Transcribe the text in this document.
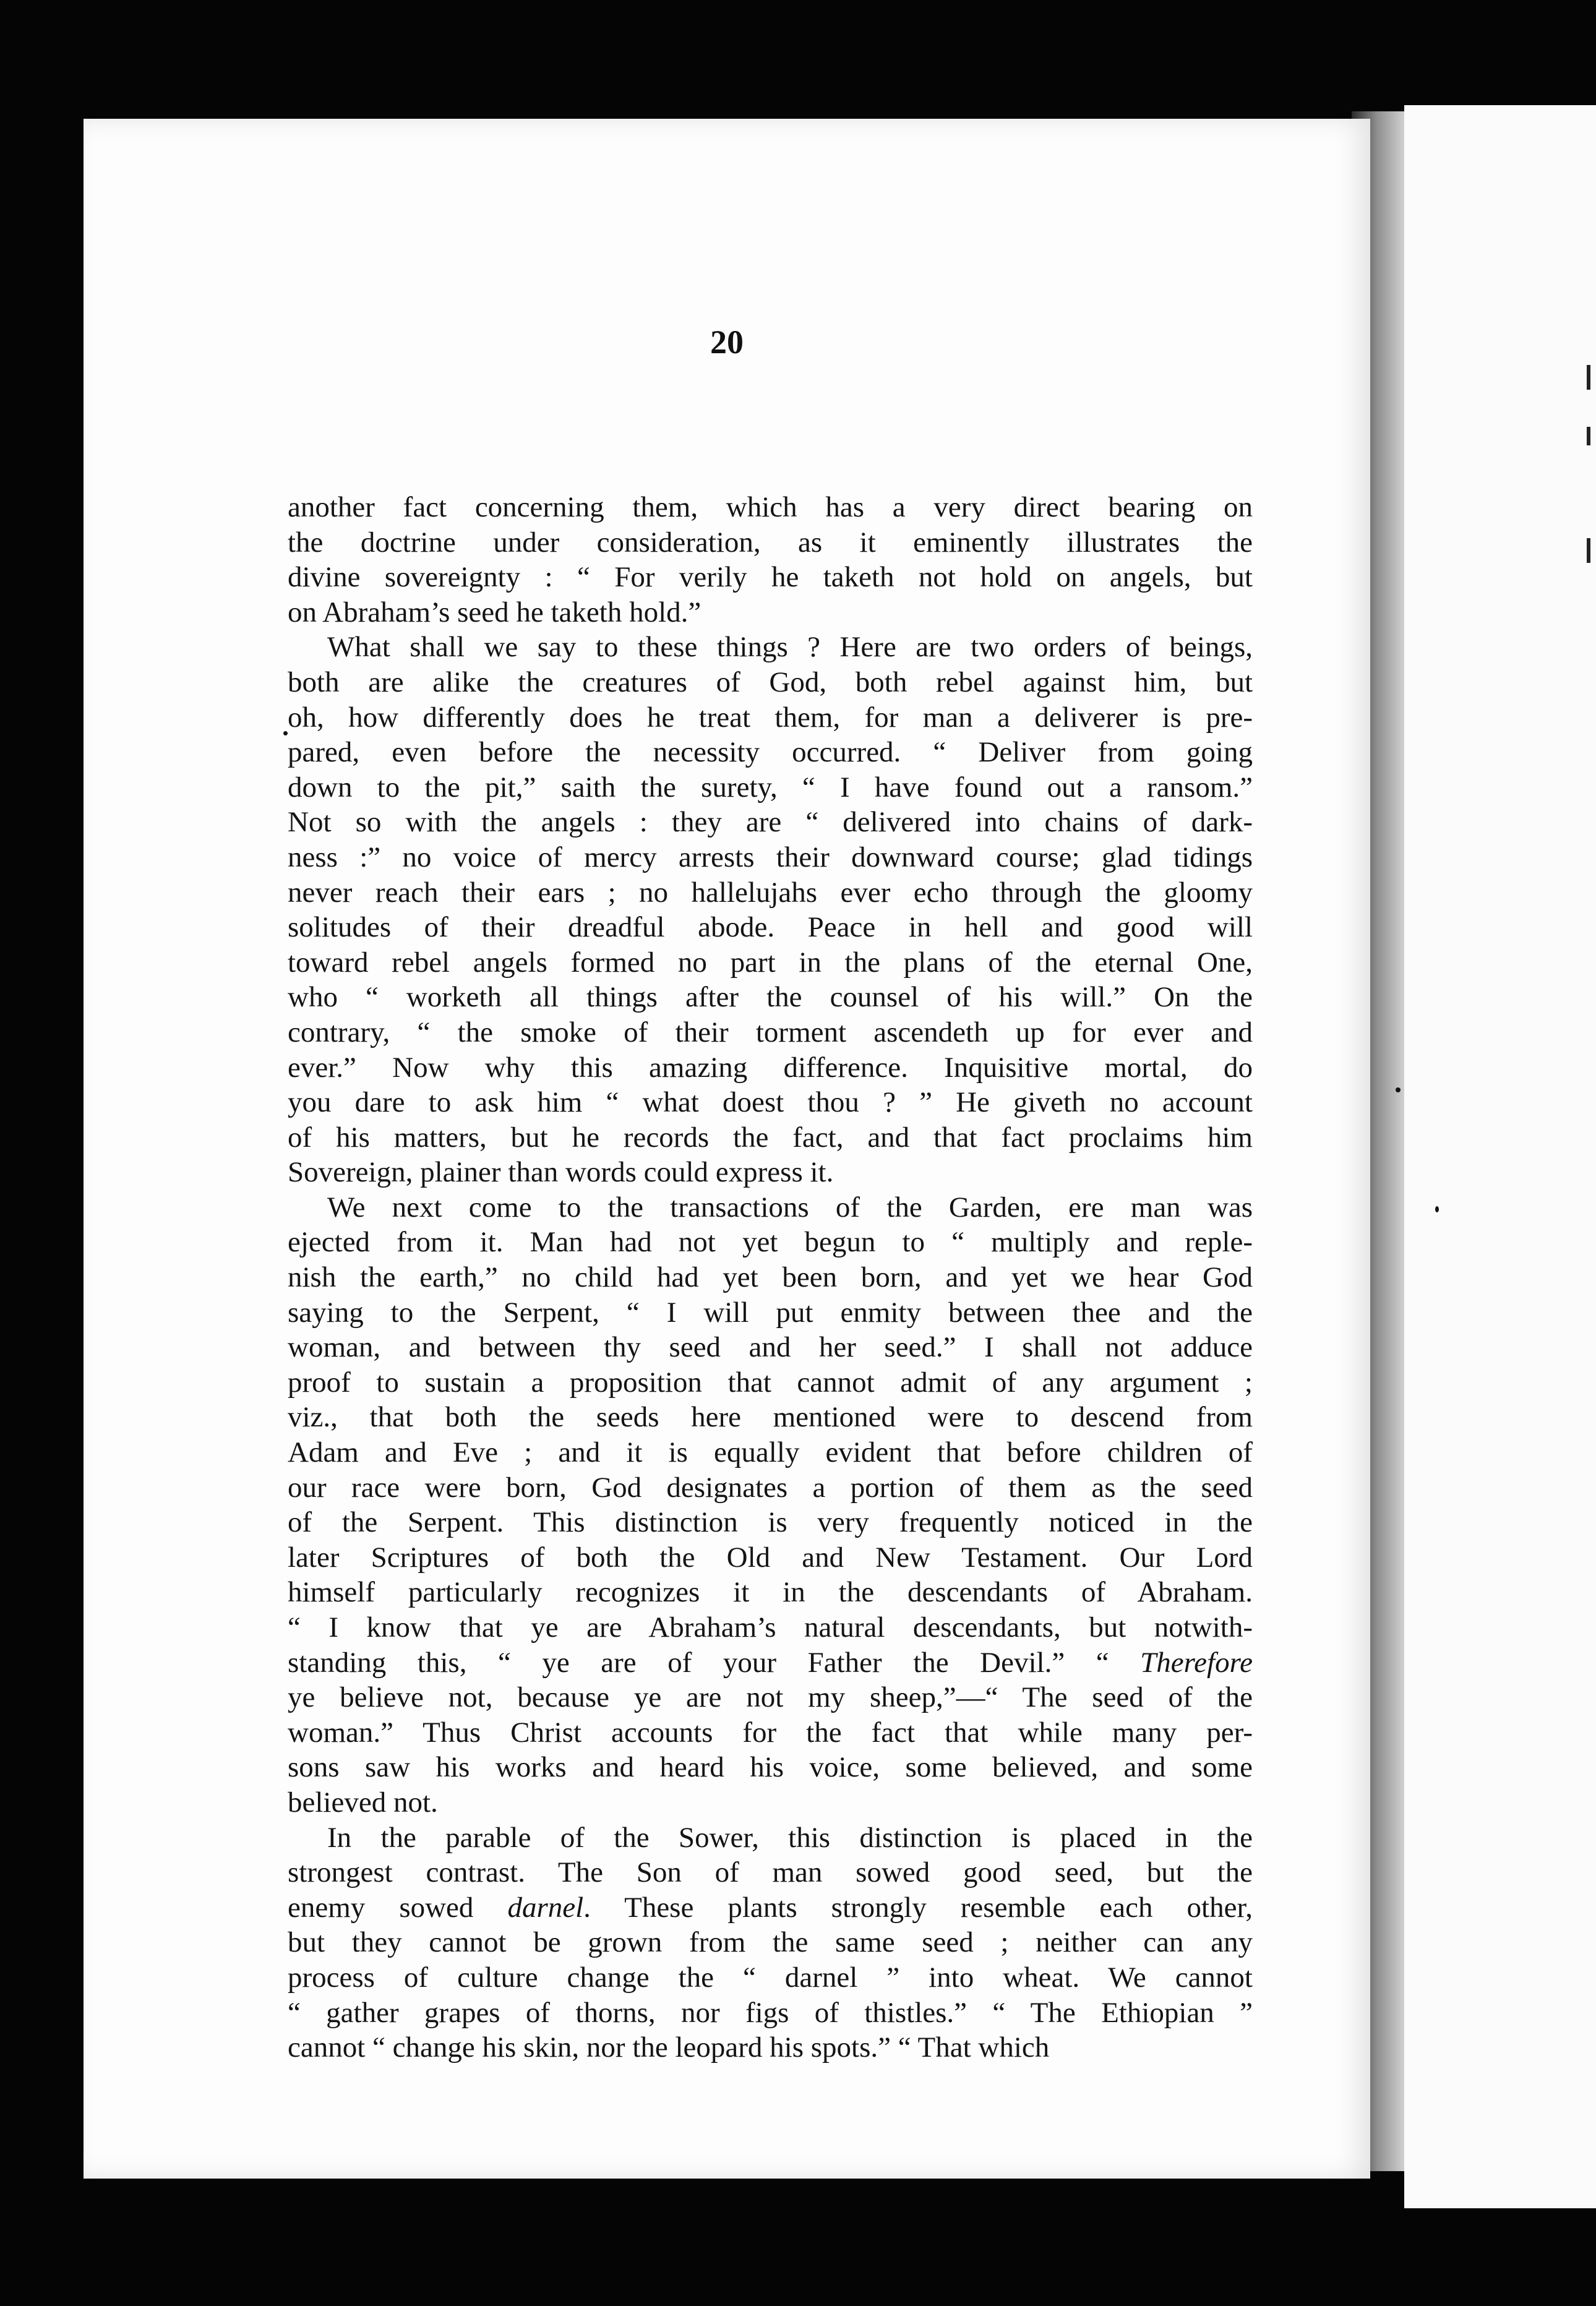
20

another fact concerning them, which has a very direct bearing on
the doctrine under consideration, as it eminently illustrates the
divine sovereignty : “ For verily he taketh not hold on angels, but
on Abraham’s seed he taketh hold.”

What shall we say to these things ? Here are two orders of beings,
both are alike the creatures of God, both rebel against him, but
oh, how differently does he treat them, for man a deliverer is pre-
pared, even before the necessity occurred. “ Deliver from going
down to the pit,” saith the surety, “ I have found out a ransom.”
Not so with the angels : they are “ delivered into chains of dark-
ness :” no voice of mercy arrests their downward course; glad tidings
never reach their ears ; no hallelujahs ever echo through the gloomy
solitudes of their dreadful abode. Peace in hell and good will
toward rebel angels formed no part in the plans of the eternal One,
who “ worketh all things after the counsel of his will.” On the
contrary, “ the smoke of their torment ascendeth up for ever and
ever.” Now why this amazing difference. Inquisitive mortal, do
you dare to ask him “ what doest thou ? ” He giveth no account
of his matters, but he records the fact, and that fact proclaims him
Sovereign, plainer than words could express it.

We next come to the transactions of the Garden, ere man was
ejected from it. Man had not yet begun to “ multiply and reple-
nish the earth,” no child had yet been born, and yet we hear God
saying to the Serpent, “ I will put enmity between thee and the
woman, and between thy seed and her seed.” I shall not adduce
proof to sustain a proposition that cannot admit of any argument ;
viz., that both the seeds here mentioned were to descend from
Adam and Eve ; and it is equally evident that before children of
our race were born, God designates a portion of them as the seed
of the Serpent. This distinction is very frequently noticed in the
later Scriptures of both the Old and New Testament. Our Lord
himself particularly recognizes it in the descendants of Abraham.
“ I know that ye are Abraham’s natural descendants, but notwith-
standing this, “ ye are of your Father the Devil.” “ Therefore
ye believe not, because ye are not my sheep,”—“ The seed of the
woman.” Thus Christ accounts for the fact that while many per-
sons saw his works and heard his voice, some believed, and some
believed not.

In the parable of the Sower, this distinction is placed in the
strongest contrast. The Son of man sowed good seed, but the
enemy sowed darnel. These plants strongly resemble each other,
but they cannot be grown from the same seed ; neither can any
process of culture change the “ darnel ” into wheat. We cannot
“ gather grapes of thorns, nor figs of thistles.” “ The Ethiopian ”
cannot “ change his skin, nor the leopard his spots.” “ That which
